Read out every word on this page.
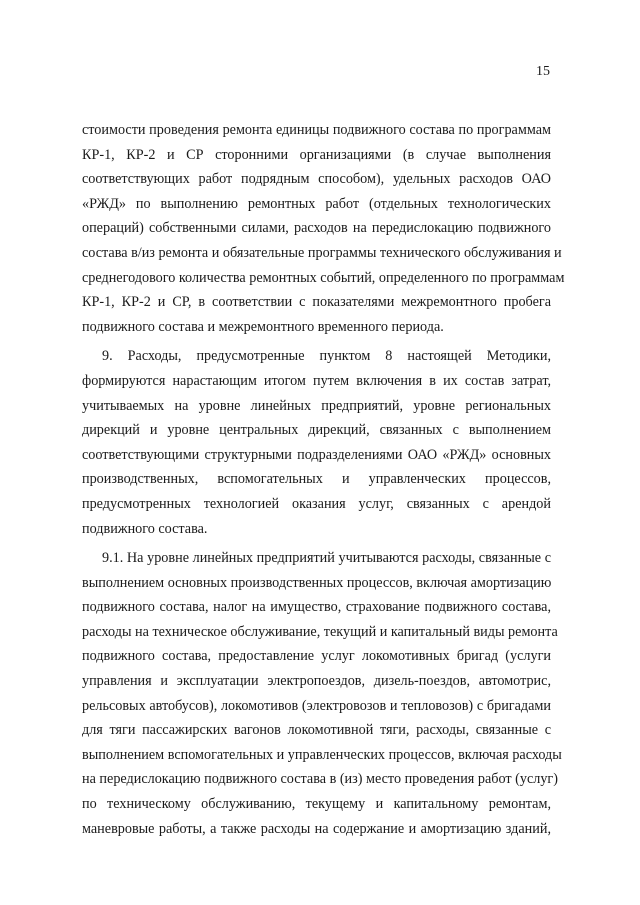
15
стоимости проведения ремонта единицы подвижного состава по программам
КР-1, КР-2 и СР сторонними организациями (в случае выполнения
соответствующих работ подрядным способом), удельных расходов ОАО
«РЖД» по выполнению ремонтных работ (отдельных технологических
операций) собственными силами, расходов на передислокацию подвижного
состава в/из ремонта и обязательные программы технического обслуживания и
среднегодового количества ремонтных событий, определенного по программам
КР-1, КР-2 и СР, в соответствии с показателями межремонтного пробега
подвижного состава и межремонтного временного периода.
9. Расходы, предусмотренные пунктом 8 настоящей Методики,
формируются нарастающим итогом путем включения в их состав затрат,
учитываемых на уровне линейных предприятий, уровне региональных
дирекций и уровне центральных дирекций, связанных с выполнением
соответствующими структурными подразделениями ОАО «РЖД» основных
производственных, вспомогательных и управленческих процессов,
предусмотренных технологией оказания услуг, связанных с арендой
подвижного состава.
9.1. На уровне линейных предприятий учитываются расходы, связанные с
выполнением основных производственных процессов, включая амортизацию
подвижного состава, налог на имущество, страхование подвижного состава,
расходы на техническое обслуживание, текущий и капитальный виды ремонта
подвижного состава, предоставление услуг локомотивных бригад (услуги
управления и эксплуатации электропоездов, дизель-поездов, автомотрис,
рельсовых автобусов), локомотивов (электровозов и тепловозов) с бригадами
для тяги пассажирских вагонов локомотивной тяги, расходы, связанные с
выполнением вспомогательных и управленческих процессов, включая расходы
на передислокацию подвижного состава в (из) место проведения работ (услуг)
по техническому обслуживанию, текущему и капитальному ремонтам,
маневровые работы, а также расходы на содержание и амортизацию зданий,
